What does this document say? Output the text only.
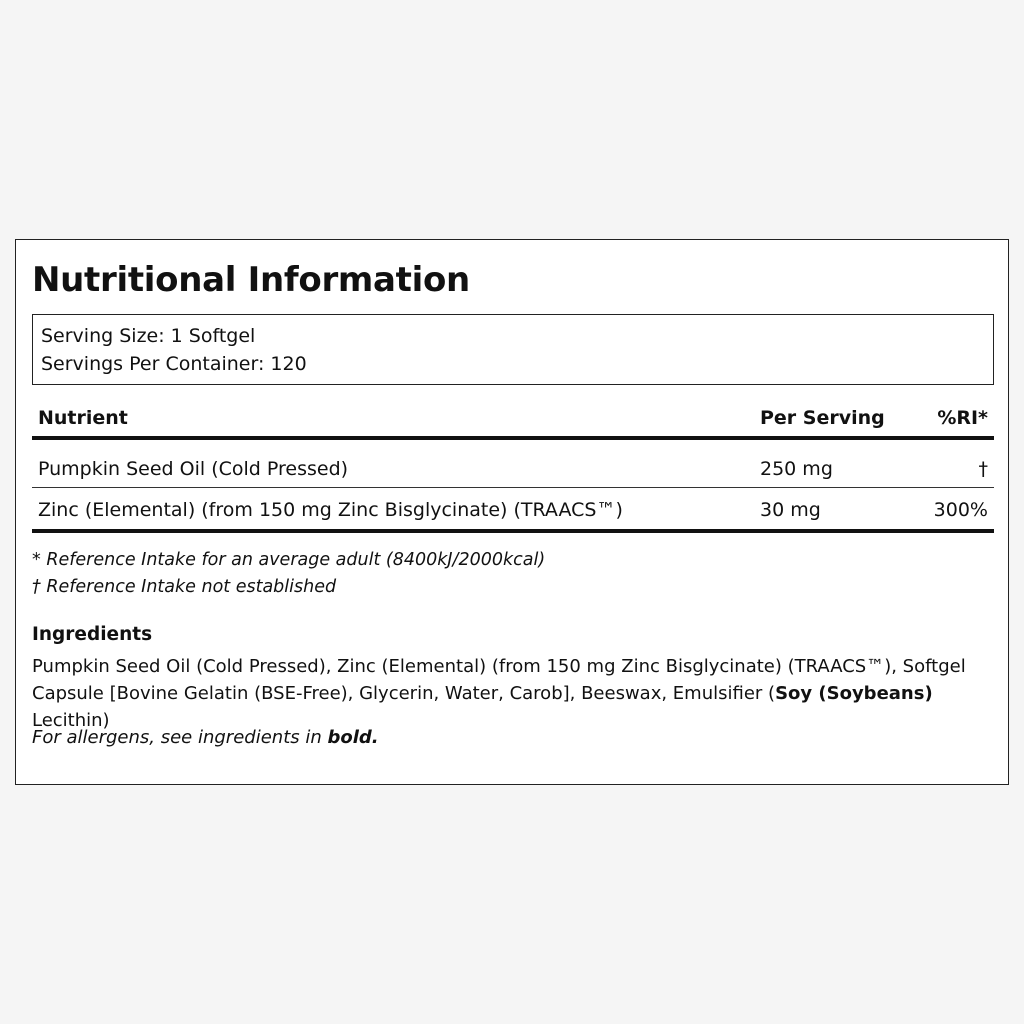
Nutritional Information
Serving Size: 1 Softgel
Servings Per Container: 120
Nutrient	Per Serving	%RI*
Pumpkin Seed Oil (Cold Pressed)	250 mg	†
Zinc (Elemental) (from 150 mg Zinc Bisglycinate) (TRAACS™)	30 mg	300%
* Reference Intake for an average adult (8400kJ/2000kcal)
† Reference Intake not established
Ingredients
Pumpkin Seed Oil (Cold Pressed), Zinc (Elemental) (from 150 mg Zinc Bisglycinate) (TRAACS™), Softgel Capsule [Bovine Gelatin (BSE-Free), Glycerin, Water, Carob], Beeswax, Emulsifier (Soy (Soybeans) Lecithin)
For allergens, see ingredients in bold.
